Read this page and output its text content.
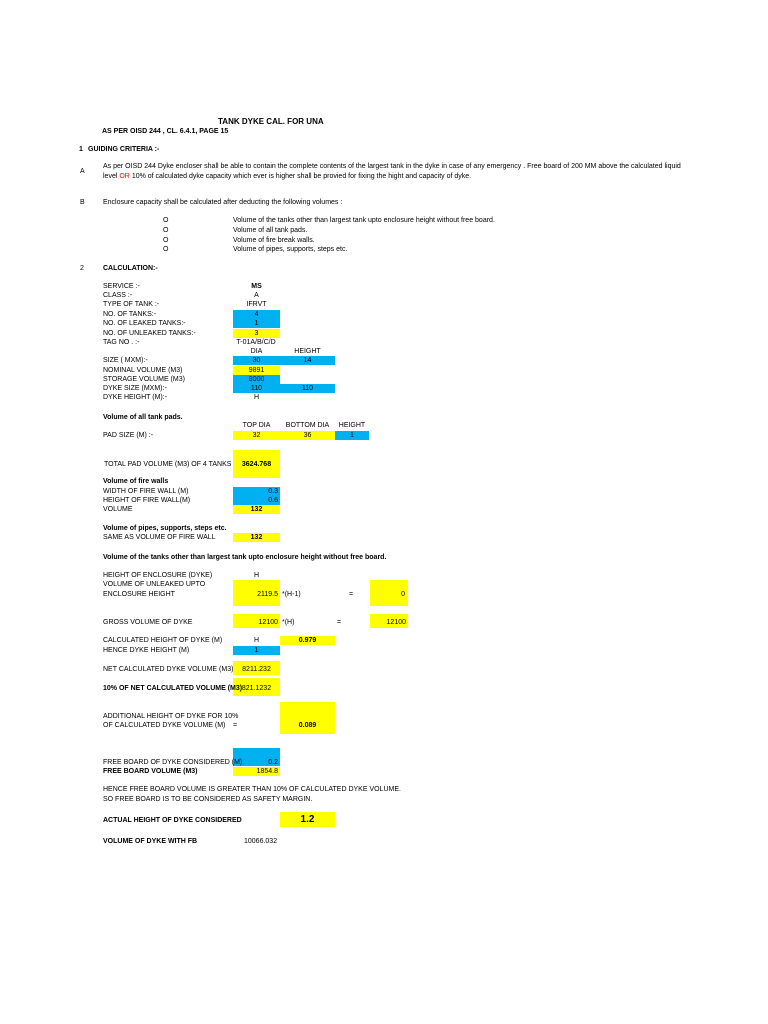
TANK DYKE CAL. FOR UNA
AS PER OISD 244 , CL. 6.4.1, PAGE 15
1 GUIDING CRITERIA :-
A
As per OISD 244 Dyke encloser shall be able to contain the complete contents of the largest tank in the dyke in case of any emergency . Free board of 200 MM above the calculated liquid
level OR 10% of calculated dyke capacity which ever is higher shall be provied for fixing the hight and capacity of dyke.
B	Enclosure capacity shall be calculated after deducting the following volumes :
O	Volume of the tanks other than largest tank upto enclosure height without free board.
O	Volume of all tank pads.
O	Volume of fire break walls.
O	Volume of pipes, supports, steps etc.
2	CALCULATION:-
SERVICE :-	MS
CLASS :-	A
TYPE OF TANK :-	IFRVT
NO. OF TANKS:-	4
NO. OF LEAKED TANKS:-	1
NO. OF UNLEAKED TANKS:-	3
TAG NO . :-	T-01A/B/C/D
DIA	HEIGHT
SIZE ( MXM):-	30	14
NOMINAL VOLUME (M3)	9891
STORAGE VOLUME (M3)	8000
DYKE SIZE (MXM):-	110	110
DYKE HEIGHT (M):-	H
Volume of all tank pads.
TOP DIA	BOTTOM DIA	HEIGHT
PAD SIZE (M) :-	32	36	1
TOTAL PAD VOLUME (M3) OF 4 TANKS	3624.768
Volume of fire walls
WIDTH OF FIRE WALL (M)	0.3
HEIGHT OF FIRE WALL(M)	0.6
VOLUME	132
Volume of pipes, supports, steps etc.
SAME AS VOLUME OF FIRE WALL	132
Volume of the tanks other than largest tank upto enclosure height without free board.
HEIGHT OF ENCLOSURE (DYKE)	H
VOLUME OF UNLEAKED UPTO
ENCLOSURE HEIGHT	2119.5 *(H-1)	=	0
GROSS VOLUME OF DYKE	12100 *(H)	=	12100
CALCULATED HEIGHT OF DYKE (M)	H	0.979
HENCE DYKE HEIGHT (M)	1
NET CALCULATED DYKE VOLUME (M3)	8211.232
10% OF NET CALCULATED VOLUME (M3) 821.1232
ADDITIONAL HEIGHT OF DYKE FOR 10%
OF CALCULATED DYKE VOLUME (M) =	0.089
FREE BOARD OF DYKE CONSIDERED (M)	0.2
FREE BOARD VOLUME (M3)	1854.8
HENCE FREE BOARD VOLUME IS GREATER THAN 10% OF CALCULATED DYKE VOLUME.
SO FREE BOARD IS TO BE CONSIDERED AS SAFETY MARGIN.
ACTUAL HEIGHT OF DYKE CONSIDERED	1.2
VOLUME OF DYKE WITH FB	10066.032
